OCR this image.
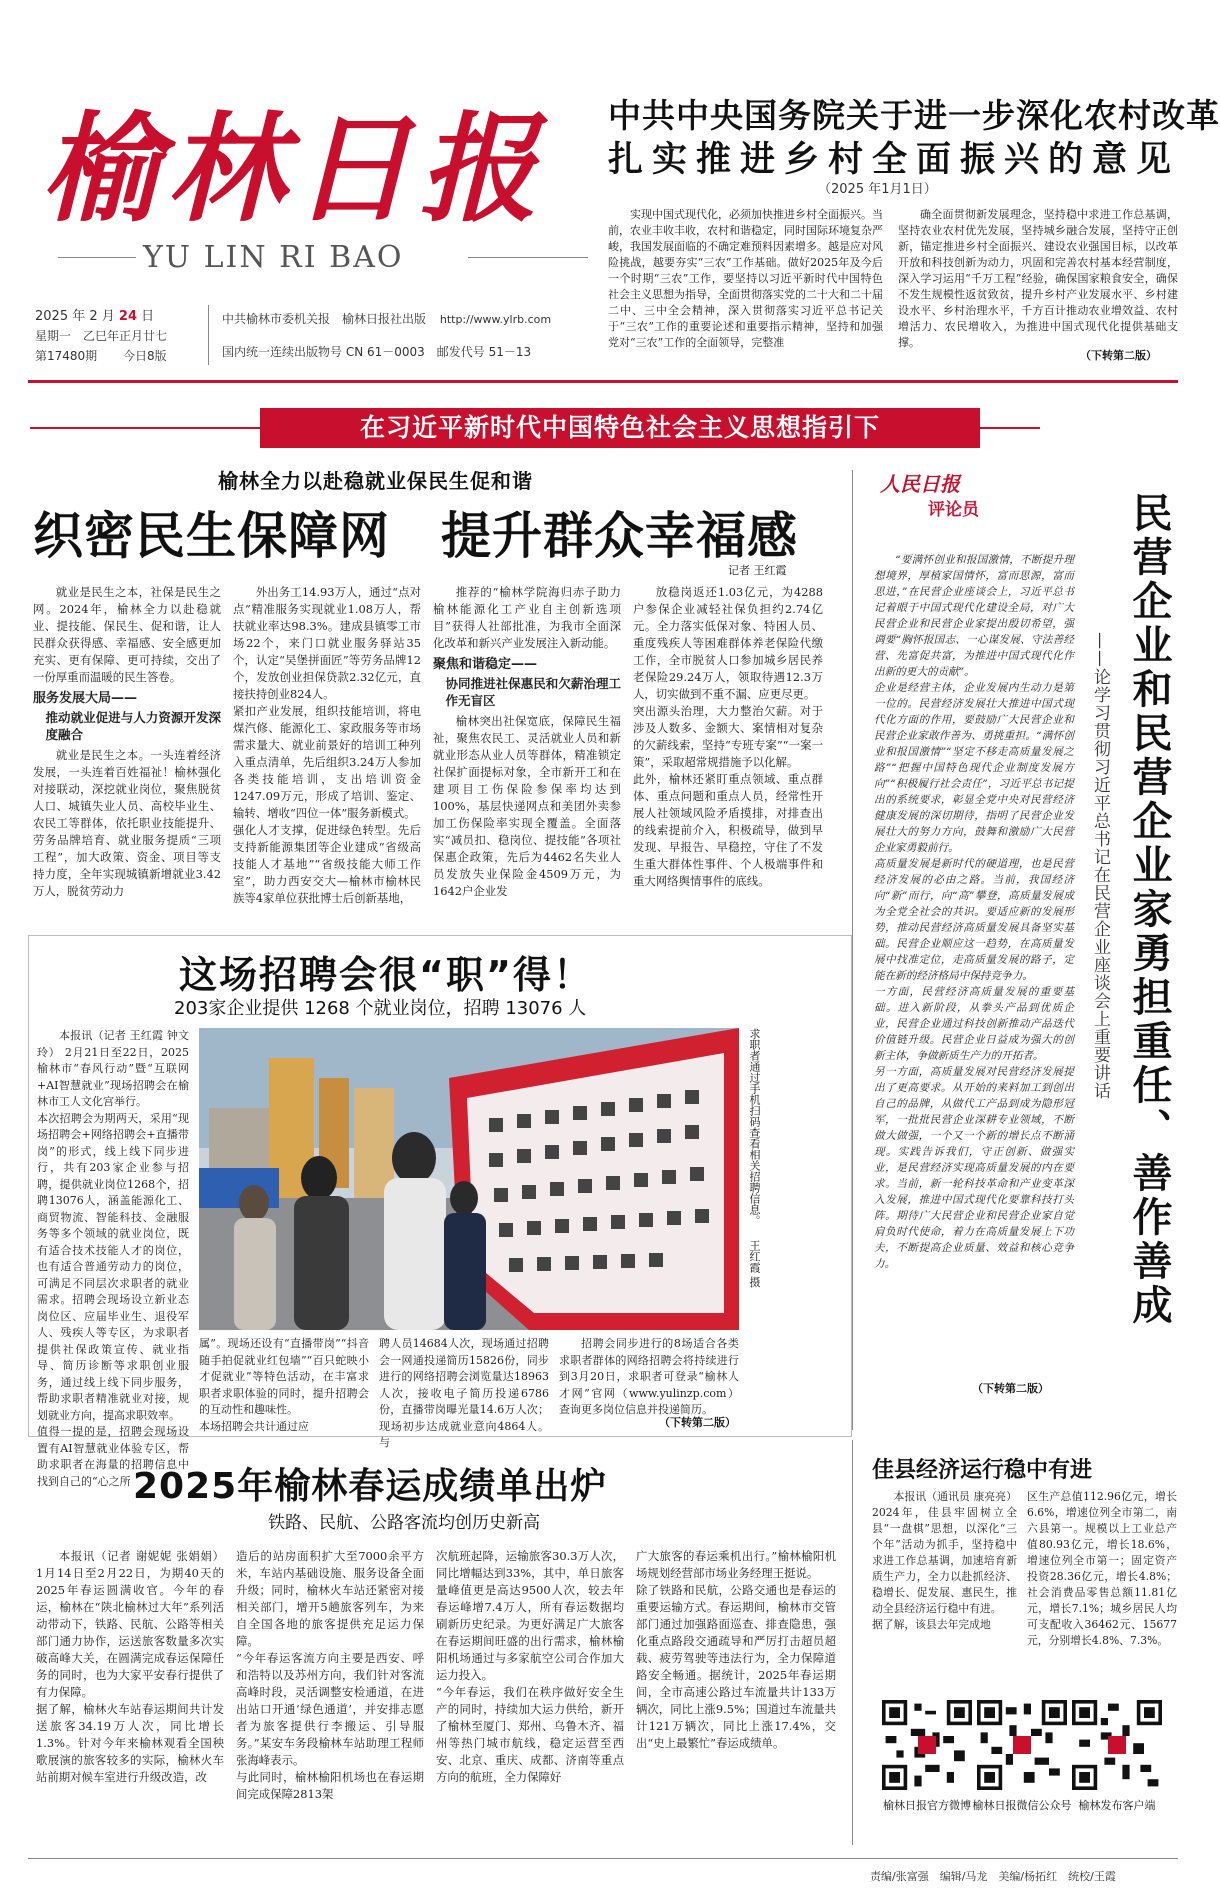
榆林日报
YU LIN RI BAO
2025 年 2 月 24 日
星期一　乙巳年正月廿七
第17480期 今日8版
中共榆林市委机关报　榆林日报社出版 http://www.ylrb.com
国内统一连续出版物号 CN 61－0003　邮发代号 51－13
中共中央国务院关于进一步深化农村改革
扎实推进乡村全面振兴的意见
（2025 年1月1日）

实现中国式现代化，必须加快推进乡村全面振兴。当前，农业丰收丰收，农村和谐稳定，同时国际环境复杂严峻，我国发展面临的不确定难预料因素增多。越是应对风险挑战，越要夯实“三农”工作基础。做好2025年及今后一个时期“三农”工作，要坚持以习近平新时代中国特色社会主义思想为指导，全面贯彻落实党的二十大和二十届二中、三中全会精神，深入贯彻落实习近平总书记关于“三农”工作的重要论述和重要指示精神，坚持和加强党对“三农”工作的全面领导，完整准

确全面贯彻新发展理念，坚持稳中求进工作总基调，坚持农业农村优先发展，坚持城乡融合发展，坚持守正创新，锚定推进乡村全面振兴、建设农业强国目标，以改革开放和科技创新为动力，巩固和完善农村基本经营制度，深入学习运用“千万工程”经验，确保国家粮食安全，确保不发生规模性返贫致贫，提升乡村产业发展水平、乡村建设水平、乡村治理水平，千方百计推动农业增效益、农村增活力、农民增收入，为推进中国式现代化提供基础支撑。

（下转第二版）
在习近平新时代中国特色社会主义思想指引下
榆林全力以赴稳就业保民生促和谐
织密民生保障网　提升群众幸福感
记者 王红霞

就业是民生之本，社保是民生之网。2024年，榆林全力以赴稳就业、提技能、保民生、促和谐，让人民群众获得感、幸福感、安全感更加充实、更有保障、更可持续，交出了一份厚重而温暖的民生答卷。

服务发展大局——

推动就业促进与人力资源开发深度融合

就业是民生之本。一头连着经济发展，一头连着百姓福祉！榆林强化对接联动，深挖就业岗位，聚焦脱贫人口、城镇失业人员、高校毕业生、农民工等群体，依托职业技能提升、劳务品牌培育、就业服务提质“三项工程”，加大政策、资金、项目等支持力度，全年实现城镇新增就业3.42万人，脱贫劳动力

外出务工14.93万人，通过“点对点”精准服务实现就业1.08万人，帮扶就业率达98.3%。建成县镇零工市场22个，来门口就业服务驿站35个，认定“吴堡拼面匠”等劳务品牌12个，发放创业担保贷款2.32亿元，直接扶持创业824人。
紧扣产业发展，组织技能培训，将电煤汽修、能源化工、家政服务等市场需求量大、就业前景好的培训工种列入重点清单，先后组织3.24万人参加各类技能培训，支出培训资金1247.09万元，形成了培训、鉴定、输转、增收“四位一体”服务新模式。
强化人才支撑，促进绿色转型。先后支持新能源集团等企业建成“省级高技能人才基地”“省级技能大师工作室”，助力西安交大—榆林市榆林民族等4家单位获批博士后创新基地，

推荐的“榆林学院海归赤子助力榆林能源化工产业自主创新选项目”获得人社部批准，为我市全面深化改革和新兴产业发展注入新动能。

聚焦和谐稳定——

协同推进社保惠民和欠薪治理工作无盲区

榆林突出社保宽底，保障民生福祉，聚焦农民工、灵活就业人员和新就业形态从业人员等群体，精准锁定社保扩面提标对象，全市新开工和在建项目工伤保险参保率均达到100%，基层快递网点和美团外卖参加工伤保险率实现全覆盖。全面落实“减员扣、稳岗位、提技能”各项社保惠企政策，先后为4462名失业人员发放失业保险金4509万元，为1642户企业发

放稳岗返还1.03亿元，为4288户参保企业减轻社保负担约2.74亿元。全力落实低保对象、特困人员、重度残疾人等困难群体养老保险代缴工作，全市脱贫人口参加城乡居民养老保险29.24万人，领取待遇12.3万人，切实做到不重不漏、应更尽更。
突出源头治理，大力整治欠薪。对于涉及人数多、金额大、案情相对复杂的欠薪线索，坚持“专班专案”“一案一策”，采取超常规措施予以化解。
此外，榆林还紧盯重点领域、重点群体、重点问题和重点人员，经常性开展人社领域风险矛盾摸排，对排查出的线索提前介入，积极疏导，做到早发现、早报告、早稳控，守住了不发生重大群体性事件、个人极端事件和重大网络舆情事件的底线。

人民日报
评论员	民营企业和民营企业家勇担重任、善作善成
——论学习贯彻习近平总书记在民营企业座谈会上重要讲话

“要满怀创业和报国激情，不断提升理想境界，厚植家国情怀，富而思源，富而思进，”在民营企业座谈会上，习近平总书记着眼于中国式现代化建设全局，对广大民营企业和民营企业家提出殷切希望，强调要“胸怀报国志、一心谋发展、守法善经营、先富促共富，为推进中国式现代化作出新的更大的贡献”。
企业是经营主体，企业发展内生动力是第一位的。民营经济发展壮大推进中国式现代化方面的作用，要鼓励广大民营企业和民营企业家敢作善为、勇挑重担。“满怀创业和报国激情”“坚定不移走高质量发展之路”“把握中国特色现代企业制度发展方向”“积极履行社会责任”，习近平总书记提出的系统要求，彰显全党中央对民营经济健康发展的深切期待，指明了民营企业发展壮大的努力方向，鼓舞和激励广大民营企业家勇毅前行。
高质量发展是新时代的硬道理，也是民营经济发展的必由之路。当前，我国经济向“新”而行，向“高”攀登，高质量发展成为全党全社会的共识。要适应新的发展形势，推动民营经济高质量发展具备坚实基础。民营企业顺应这一趋势，在高质量发展中找准定位，走高质量发展的路子，定能在新的经济格局中保持竞争力。
一方面，民营经济高质量发展的重要基础。进入新阶段，从拳头产品到优质企业，民营企业通过科技创新推动产品迭代价值链升级。民营企业日益成为强大的创新主体，争做新质生产力的开拓者。
另一方面，高质量发展对民营经济发展提出了更高要求。从开始的来料加工到创出自己的品牌，从做代工产品到成为隐形冠军，一批批民营企业深耕专业领域，不断做大做强，一个又一个新的增长点不断涌现。实践告诉我们，守正创新、做强实业，是民营经济实现高质量发展的内在要求。当前，新一轮科技革命和产业变革深入发展，推进中国式现代化要靠科技打头阵。期待广大民营企业和民营企业家自觉肩负时代使命，着力在高质量发展上下功夫，不断提高企业质量、效益和核心竞争力。

（下转第二版）
这场招聘会很“职”得！
203家企业提供 1268 个就业岗位，招聘 13076 人

本报讯（记者 王红霞 钟文玲） 2月21日至22日，2025榆林市“春风行动”暨“互联网+AI智慧就业”现场招聘会在榆林市工人文化宫举行。
本次招聘会为期两天，采用“现场招聘会+网络招聘会+直播带岗”的形式，线上线下同步进行，共有203家企业参与招聘，提供就业岗位1268个，招聘13076人，涵盖能源化工、商贸物流、智能科技、金融服务等多个领域的就业岗位，既有适合技术技能人才的岗位，也有适合普通劳动力的岗位，可满足不同层次求职者的就业需求。招聘会现场设立新业态岗位区、应届毕业生、退役军人、残疾人等专区，为求职者提供社保政策宣传、就业指导、简历诊断等求职创业服务，通过线上线下同步服务，帮助求职者精准就业对接，规划就业方向，提高求职效率。
值得一提的是，招聘会现场设置有AI智慧就业体验专区，帮助求职者在海量的招聘信息中找到自己的“心之所

求职者通过手机扫码查看相关招聘信息。 王红霞 摄

属”。现场还设有“直播带岗”“抖音随手拍促就业红包墙”“百只蛇映小才促就业”等特色活动，在丰富求职者求职体验的同时，提升招聘会的互动性和趣味性。
本场招聘会共计通过应

聘人员14684人次，现场通过招聘会一网通投递简历15826份，同步进行的网络招聘会浏览量达18963人次，接收电子简历投递6786份，直播带岗曝光量14.6万人次；现场初步达成就业意向4864人。与

招聘会同步进行的8场适合各类求职者群体的网络招聘会将持续进行到3月20日，求职者可登录“榆林人才网”官网（www.yulinzp.com）查询更多岗位信息并投递简历。

（下转第二版）
2025年榆林春运成绩单出炉
铁路、民航、公路客流均创历史新高

本报讯（记者 谢妮妮 张娟娟） 1月14日至2月22日，为期40天的2025年春运圆满收官。今年的春运，榆林在“陕北榆林过大年”系列活动带动下，铁路、民航、公路等相关部门通力协作，运送旅客数量多次实破高峰大关，在圆满完成春运保障任务的同时，也为大家平安春行提供了有力保障。
据了解，榆林火车站春运期间共计发送旅客34.19万人次，同比增长1.3%。针对今年来榆林观看全国秧歌展演的旅客较多的实际，榆林火车站前期对候车室进行升级改造，改

造后的站房面积扩大至7000余平方米，车站内基础设施、服务设备全面升级；同时，榆林火车站还紧密对接相关部门，增开5趟旅客列车，为来自全国各地的旅客提供充足运力保障。
“今年春运客流方向主要是西安、呼和浩特以及苏州方向，我们针对客流高峰时段，灵活调整安检通道，在进出站口开通‘绿色通道’，并安排志愿者为旅客提供行李搬运、引导服务。”某安车务段榆林车站助理工程师张海峰表示。
与此同时，榆林榆阳机场也在春运期间完成保障2813架

次航班起降，运输旅客30.3万人次，同比增幅达到33%，其中，单日旅客量峰值更是高达9500人次，较去年春运峰增7.4万人，所有春运数据均刷新历史纪录。为更好满足广大旅客在春运期间旺盛的出行需求，榆林榆阳机场通过与多家航空公司合作加大运力投入。
“今年春运，我们在秩序做好安全生产的同时，持续加大运力供给，新开了榆林至厦门、郑州、乌鲁木齐、福州等热门城市航线，稳定运营至西安、北京、重庆、成都、济南等重点方向的航班，全力保障好

广大旅客的春运乘机出行。”榆林榆阳机场规划经营部市场业务经理王挺说。
除了铁路和民航，公路交通也是春运的重要运输方式。春运期间，榆林市交管部门通过加强路面巡查、排查隐患，强化重点路段交通疏导和严厉打击超员超载、疲劳驾驶等违法行为，全力保障道路安全畅通。据统计，2025年春运期间，全市高速公路过车流量共计133万辆次，同比上涨9.5%；国道过车流量共计121万辆次，同比上涨17.4%，交出“史上最繁忙”春运成绩单。

佳县经济运行稳中有进

本报讯（通讯员 康亮亮） 2024年，佳县牢固树立全县“一盘棋”思想，以深化“三个年”活动为抓手，坚持稳中求进工作总基调，加速培育新质生产力，全力以赴抓经济、稳增长、促发展、惠民生，推动全县经济运行稳中有进。
据了解，该县去年完成地

区生产总值112.96亿元，增长6.6%，增速位列全市第二，南六县第一。规模以上工业总产值80.93亿元，增长18.6%，增速位列全市第一；固定资产投资28.36亿元，增长4.8%；社会消费品零售总额11.81亿元，增长7.1%；城乡居民人均可支配收入36462元、15677元，分别增长4.8%、7.3%。

榆林日报官方微博 榆林日报微信公众号 榆林发布客户端
责编/张富强　编辑/马龙　美编/杨拓红　统校/王霞
